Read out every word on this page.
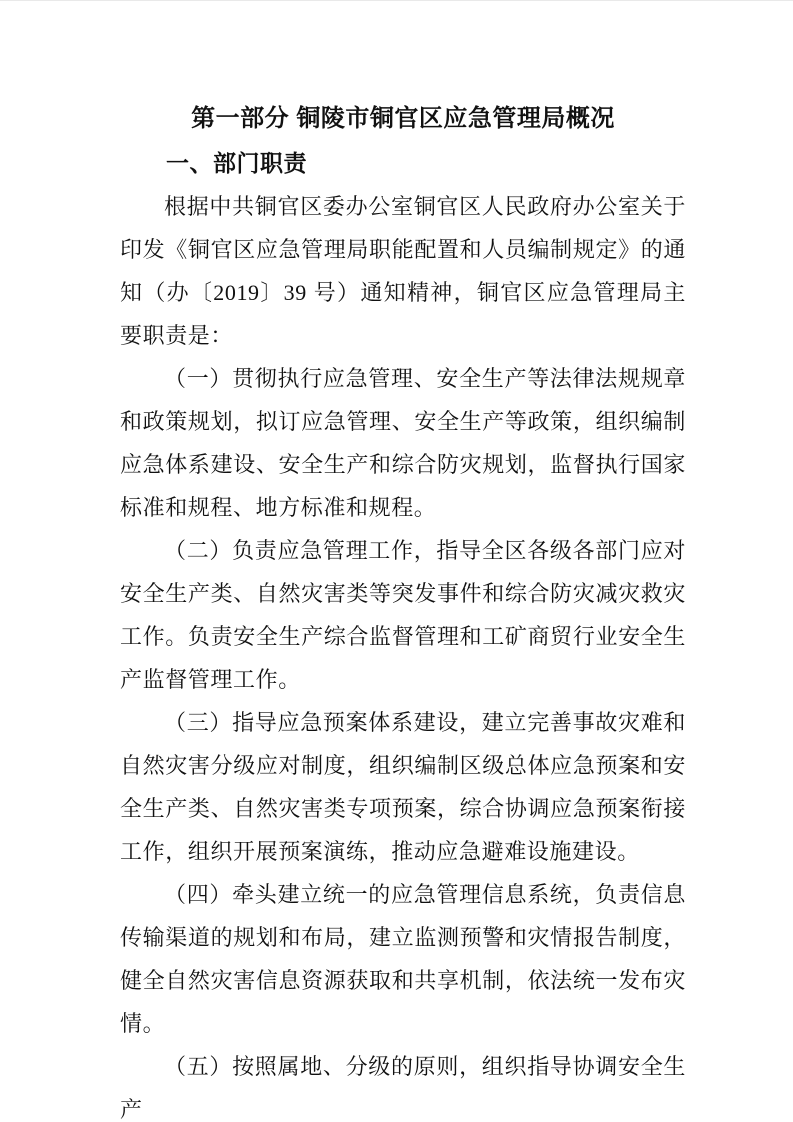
第一部分 铜陵市铜官区应急管理局概况
一、部门职责

根据中共铜官区委办公室铜官区人民政府办公室关于印发《铜官区应急管理局职能配置和人员编制规定》的通知（办〔2019〕39 号）通知精神，铜官区应急管理局主要职责是：

（一）贯彻执行应急管理、安全生产等法律法规规章和政策规划，拟订应急管理、安全生产等政策，组织编制应急体系建设、安全生产和综合防灾规划，监督执行国家标准和规程、地方标准和规程。

（二）负责应急管理工作，指导全区各级各部门应对安全生产类、自然灾害类等突发事件和综合防灾减灾救灾工作。负责安全生产综合监督管理和工矿商贸行业安全生产监督管理工作。

（三）指导应急预案体系建设，建立完善事故灾难和自然灾害分级应对制度，组织编制区级总体应急预案和安全生产类、自然灾害类专项预案，综合协调应急预案衔接工作，组织开展预案演练，推动应急避难设施建设。

（四）牵头建立统一的应急管理信息系统，负责信息传输渠道的规划和布局，建立监测预警和灾情报告制度，健全自然灾害信息资源获取和共享机制，依法统一发布灾情。

（五）按照属地、分级的原则，组织指导协调安全生产
